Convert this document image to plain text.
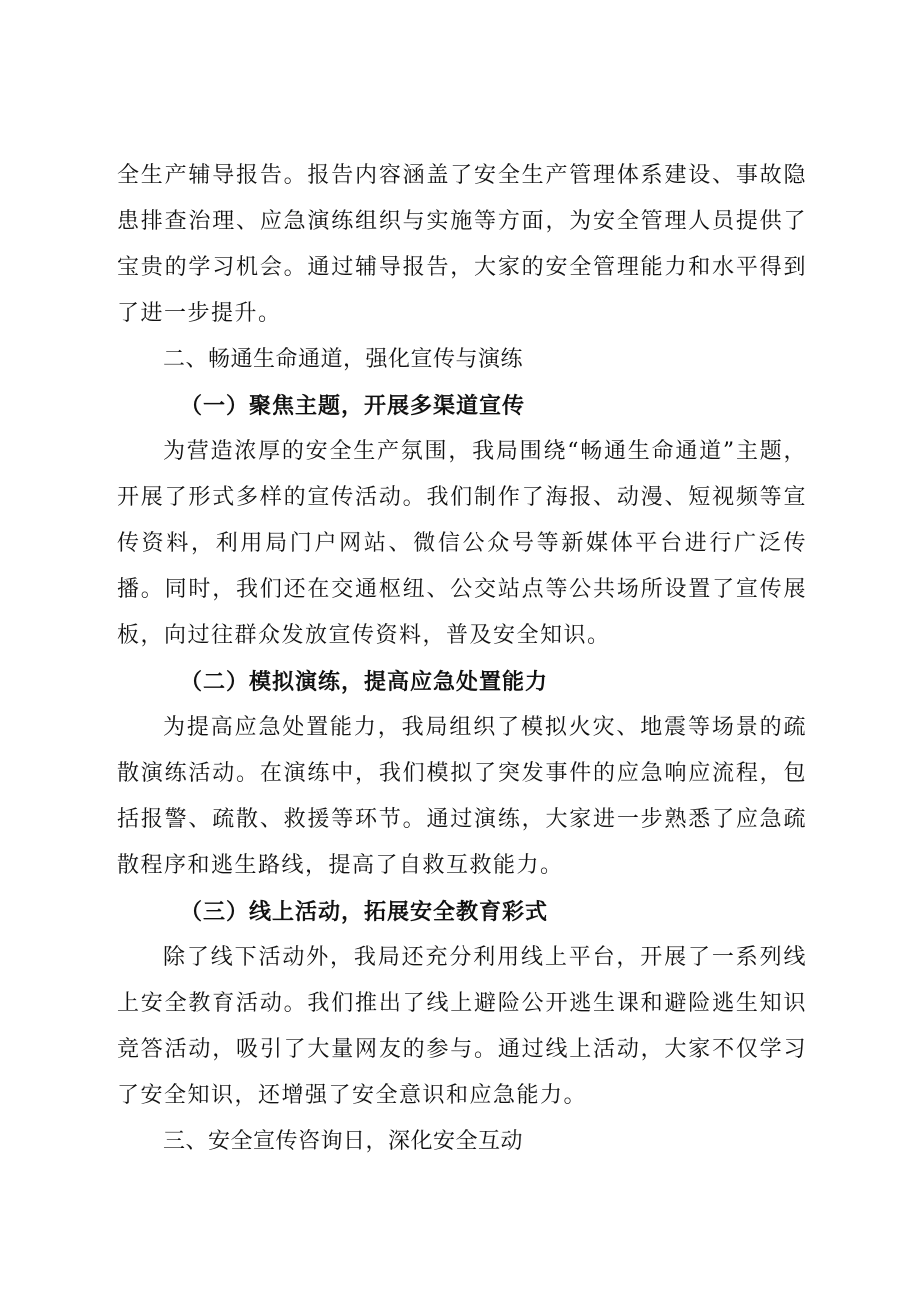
全生产辅导报告。报告内容涵盖了安全生产管理体系建设、事故隐患排查治理、应急演练组织与实施等方面，为安全管理人员提供了宝贵的学习机会。通过辅导报告，大家的安全管理能力和水平得到了进一步提升。

二、畅通生命通道，强化宣传与演练
（一）聚焦主题，开展多渠道宣传

为营造浓厚的安全生产氛围，我局围绕“畅通生命通道”主题，开展了形式多样的宣传活动。我们制作了海报、动漫、短视频等宣传资料，利用局门户网站、微信公众号等新媒体平台进行广泛传播。同时，我们还在交通枢纽、公交站点等公共场所设置了宣传展板，向过往群众发放宣传资料，普及安全知识。

（二）模拟演练，提高应急处置能力

为提高应急处置能力，我局组织了模拟火灾、地震等场景的疏散演练活动。在演练中，我们模拟了突发事件的应急响应流程，包括报警、疏散、救援等环节。通过演练，大家进一步熟悉了应急疏散程序和逃生路线，提高了自救互救能力。

（三）线上活动，拓展安全教育彩式

除了线下活动外，我局还充分利用线上平台，开展了一系列线上安全教育活动。我们推出了线上避险公开逃生课和避险逃生知识竞答活动，吸引了大量网友的参与。通过线上活动，大家不仅学习了安全知识，还增强了安全意识和应急能力。

三、安全宣传咨询日，深化安全互动
